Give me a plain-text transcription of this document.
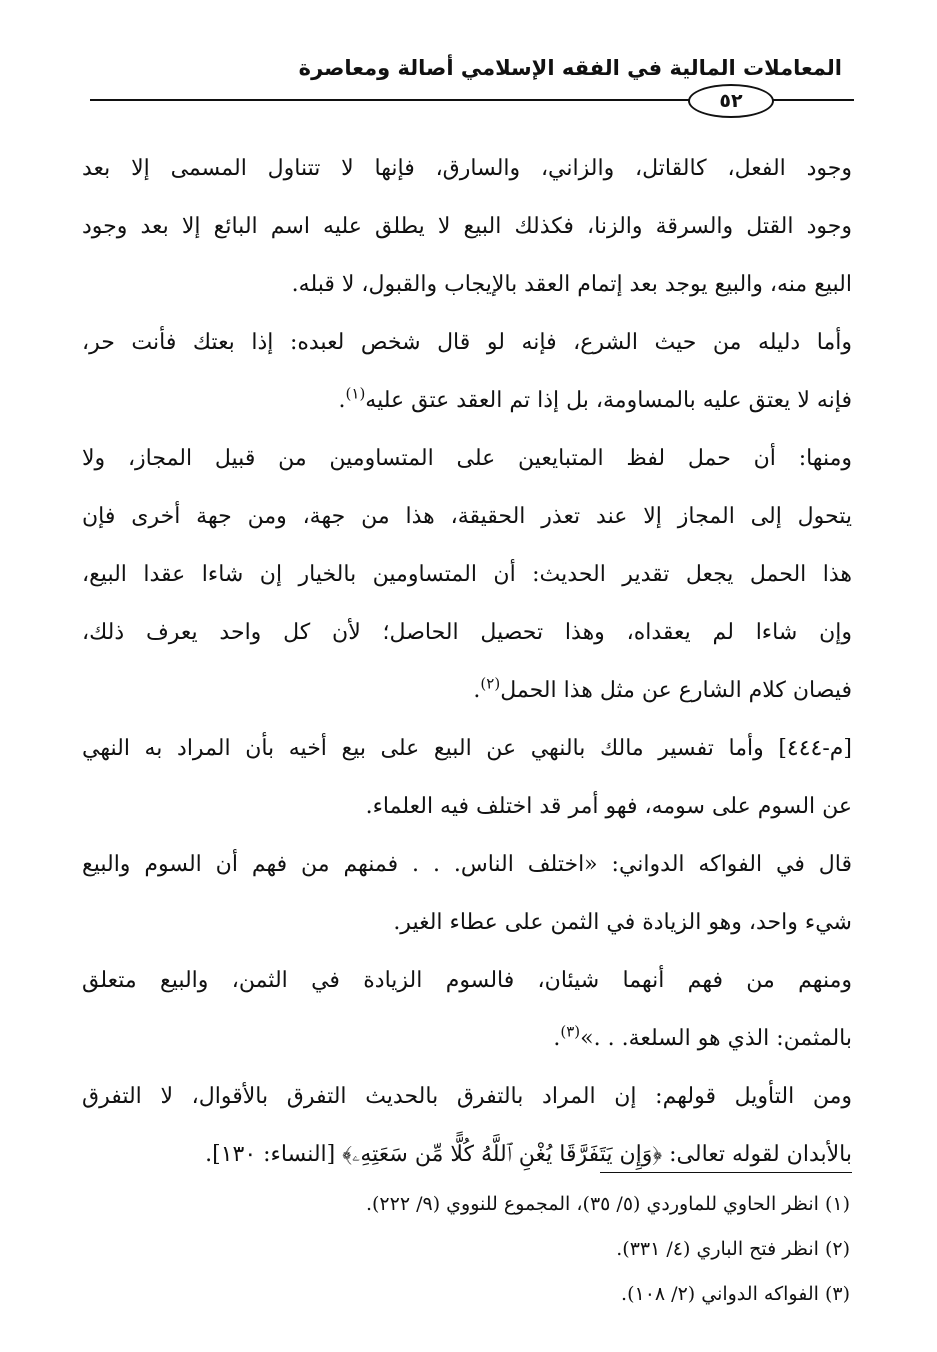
المعاملات المالية في الفقه الإسلامي أصالة ومعاصرة
٥٢

وجود الفعل، كالقاتل، والزاني، والسارق، فإنها لا تتناول المسمى إلا بعد
وجود القتل والسرقة والزنا، فكذلك البيع لا يطلق عليه اسم البائع إلا بعد وجود
البيع منه، والبيع يوجد بعد إتمام العقد بالإيجاب والقبول، لا قبله.

وأما دليله من حيث الشرع، فإنه لو قال شخص لعبده: إذا بعتك فأنت حر،
فإنه لا يعتق عليه بالمساومة، بل إذا تم العقد عتق عليه$^{(١)}$.

ومنها: أن حمل لفظ المتبايعين على المتساومين من قبيل المجاز، ولا
يتحول إلى المجاز إلا عند تعذر الحقيقة، هذا من جهة، ومن جهة أخرى فإن
هذا الحمل يجعل تقدير الحديث: أن المتساومين بالخيار إن شاءا عقدا البيع،
وإن شاءا لم يعقداه، وهذا تحصيل الحاصل؛ لأن كل واحد يعرف ذلك،
فيصان كلام الشارع عن مثل هذا الحمل$^{(٢)}$.

[م-٤٤٤] وأما تفسير مالك بالنهي عن البيع على بيع أخيه بأن المراد به النهي
عن السوم على سومه، فهو أمر قد اختلف فيه العلماء.

قال في الفواكه الدواني: «اختلف الناس. . . فمنهم من فهم أن السوم والبيع
شيء واحد، وهو الزيادة في الثمن على عطاء الغير.

ومنهم من فهم أنهما شيئان، فالسوم الزيادة في الثمن، والبيع متعلق
بالمثمن: الذي هو السلعة. . .»$^{(٣)}$.

ومن التأويل قولهم: إن المراد بالتفرق بالحديث التفرق بالأقوال، لا التفرق
بالأبدان لقوله تعالى: ﴿وَإِن يَتَفَرَّقَا يُغْنِ ٱللَّهُ كُلًّا مِّن سَعَتِهِۦ﴾ [النساء: ١٣٠].

(١) انظر الحاوي للماوردي (٥/ ٣٥)، المجموع للنووي (٩/ ٢٢٢).
(٢) انظر فتح الباري (٤/ ٣٣١).
(٣) الفواكه الدواني (٢/ ١٠٨).
